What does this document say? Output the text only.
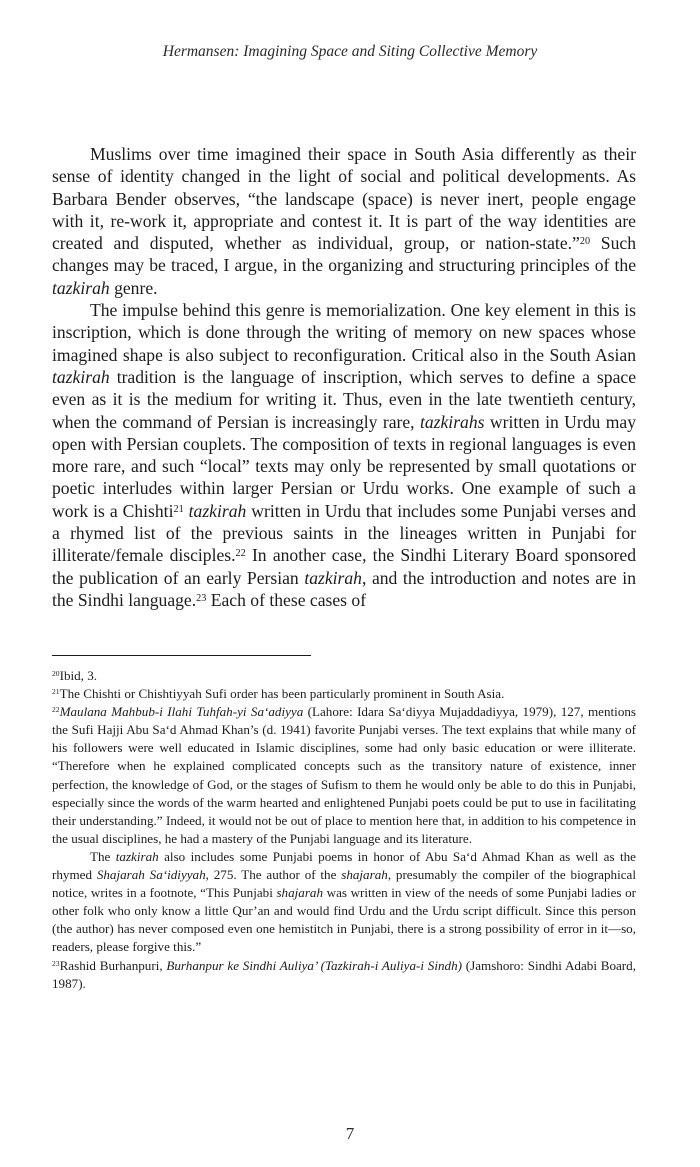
Hermansen: Imagining Space and Siting Collective Memory

Muslims over time imagined their space in South Asia differently as their sense of identity changed in the light of social and political developments. As Barbara Bender observes, “the landscape (space) is never inert, people engage with it, re-work it, appropriate and contest it. It is part of the way identities are created and disputed, whether as individual, group, or nation-state.”$^{20}$ Such changes may be traced, I argue, in the organizing and structuring principles of the tazkirah genre.

The impulse behind this genre is memorialization. One key element in this is inscription, which is done through the writing of memory on new spaces whose imagined shape is also subject to reconfiguration. Critical also in the South Asian tazkirah tradition is the language of inscription, which serves to define a space even as it is the medium for writing it. Thus, even in the late twentieth century, when the command of Persian is increasingly rare, tazkirahs written in Urdu may open with Persian couplets. The composition of texts in regional languages is even more rare, and such “local” texts may only be represented by small quotations or poetic interludes within larger Persian or Urdu works. One example of such a work is a Chishti$^{21}$ tazkirah written in Urdu that includes some Punjabi verses and a rhymed list of the previous saints in the lineages written in Punjabi for illiterate/female disciples.$^{22}$ In another case, the Sindhi Literary Board sponsored the publication of an early Persian tazkirah, and the introduction and notes are in the Sindhi language.$^{23}$ Each of these cases of

$^{20}$Ibid, 3.

$^{21}$The Chishti or Chishtiyyah Sufi order has been particularly prominent in South Asia.

$^{22}$Maulana Mahbub-i Ilahi Tuhfah-yi Sa‘adiyya (Lahore: Idara Sa‘diyya Mujaddadiyya, 1979), 127, mentions the Sufi Hajji Abu Sa‘d Ahmad Khan’s (d. 1941) favorite Punjabi verses. The text explains that while many of his followers were well educated in Islamic disciplines, some had only basic education or were illiterate. “Therefore when he explained complicated concepts such as the transitory nature of existence, inner perfection, the knowledge of God, or the stages of Sufism to them he would only be able to do this in Punjabi, especially since the words of the warm hearted and enlightened Punjabi poets could be put to use in facilitating their understanding.” Indeed, it would not be out of place to mention here that, in addition to his competence in the usual disciplines, he had a mastery of the Punjabi language and its literature.

The tazkirah also includes some Punjabi poems in honor of Abu Sa‘d Ahmad Khan as well as the rhymed Shajarah Sa‘idiyyah, 275. The author of the shajarah, presumably the compiler of the biographical notice, writes in a footnote, “This Punjabi shajarah was written in view of the needs of some Punjabi ladies or other folk who only know a little Qur’an and would find Urdu and the Urdu script difficult. Since this person (the author) has never composed even one hemistitch in Punjabi, there is a strong possibility of error in it—so, readers, please forgive this.”

$^{23}$Rashid Burhanpuri, Burhanpur ke Sindhi Auliya’ (Tazkirah-i Auliya-i Sindh) (Jamshoro: Sindhi Adabi Board, 1987).

7
